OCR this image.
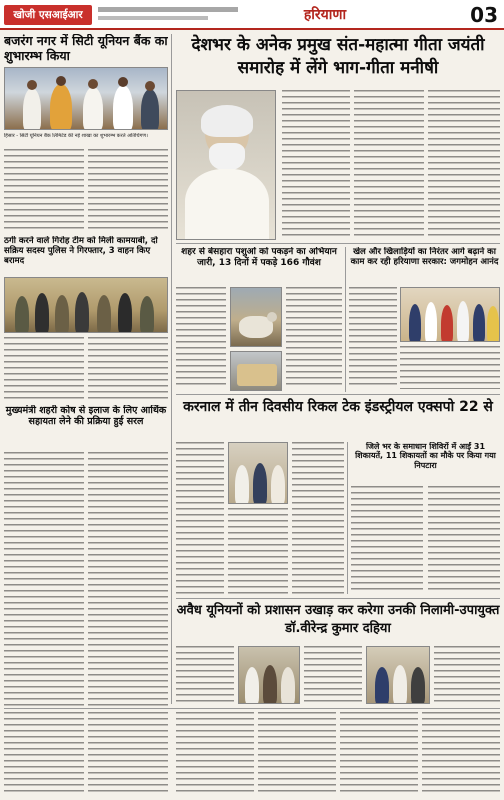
खोजी एसआईआर	हरियाणा	03
बजरंग नगर में सिटी यूनियन बैंक का शुभारम्भ किया
हिसार - सिटी यूनियन बैंक लिमिटेड की नई शाखा का शुभारम्भ करते अतिथिगण।

ठगी करने वाले गिरोह टीम को मिली कामयाबी, दो सक्रिय सदस्य पुलिस ने गिरफ्तार, 3 वाहन किए बरामद

मुख्यमंत्री शहरी कोष से इलाज के लिए आर्थिक सहायता लेने की प्रक्रिया हुई सरल

देशभर के अनेक प्रमुख संत-महात्मा गीता जयंती समारोह में लेंगे भाग-गीता मनीषी

शहर से बेसहारा पशुओं को पकड़ने का अभियान जारी, 13 दिनों में पकड़े 166 गौवंश

खेल और खिलाड़ियों का निरंतर आगे बढ़ाने का काम कर रही हरियाणा सरकार: जगमोहन आनंद

करनाल में तीन दिवसीय रिकल टेक इंडस्ट्रीयल एक्सपो 22 से

जिले भर के समाधान शिविरों में आईं 31 शिकायतें, 11 शिकायतों का मौके पर किया गया निपटारा

अवैध यूनियनों को प्रशासन उखाड़ कर करेगा उनकी निलामी-उपायुक्त डॉ.वीरेन्द्र कुमार दहिया
